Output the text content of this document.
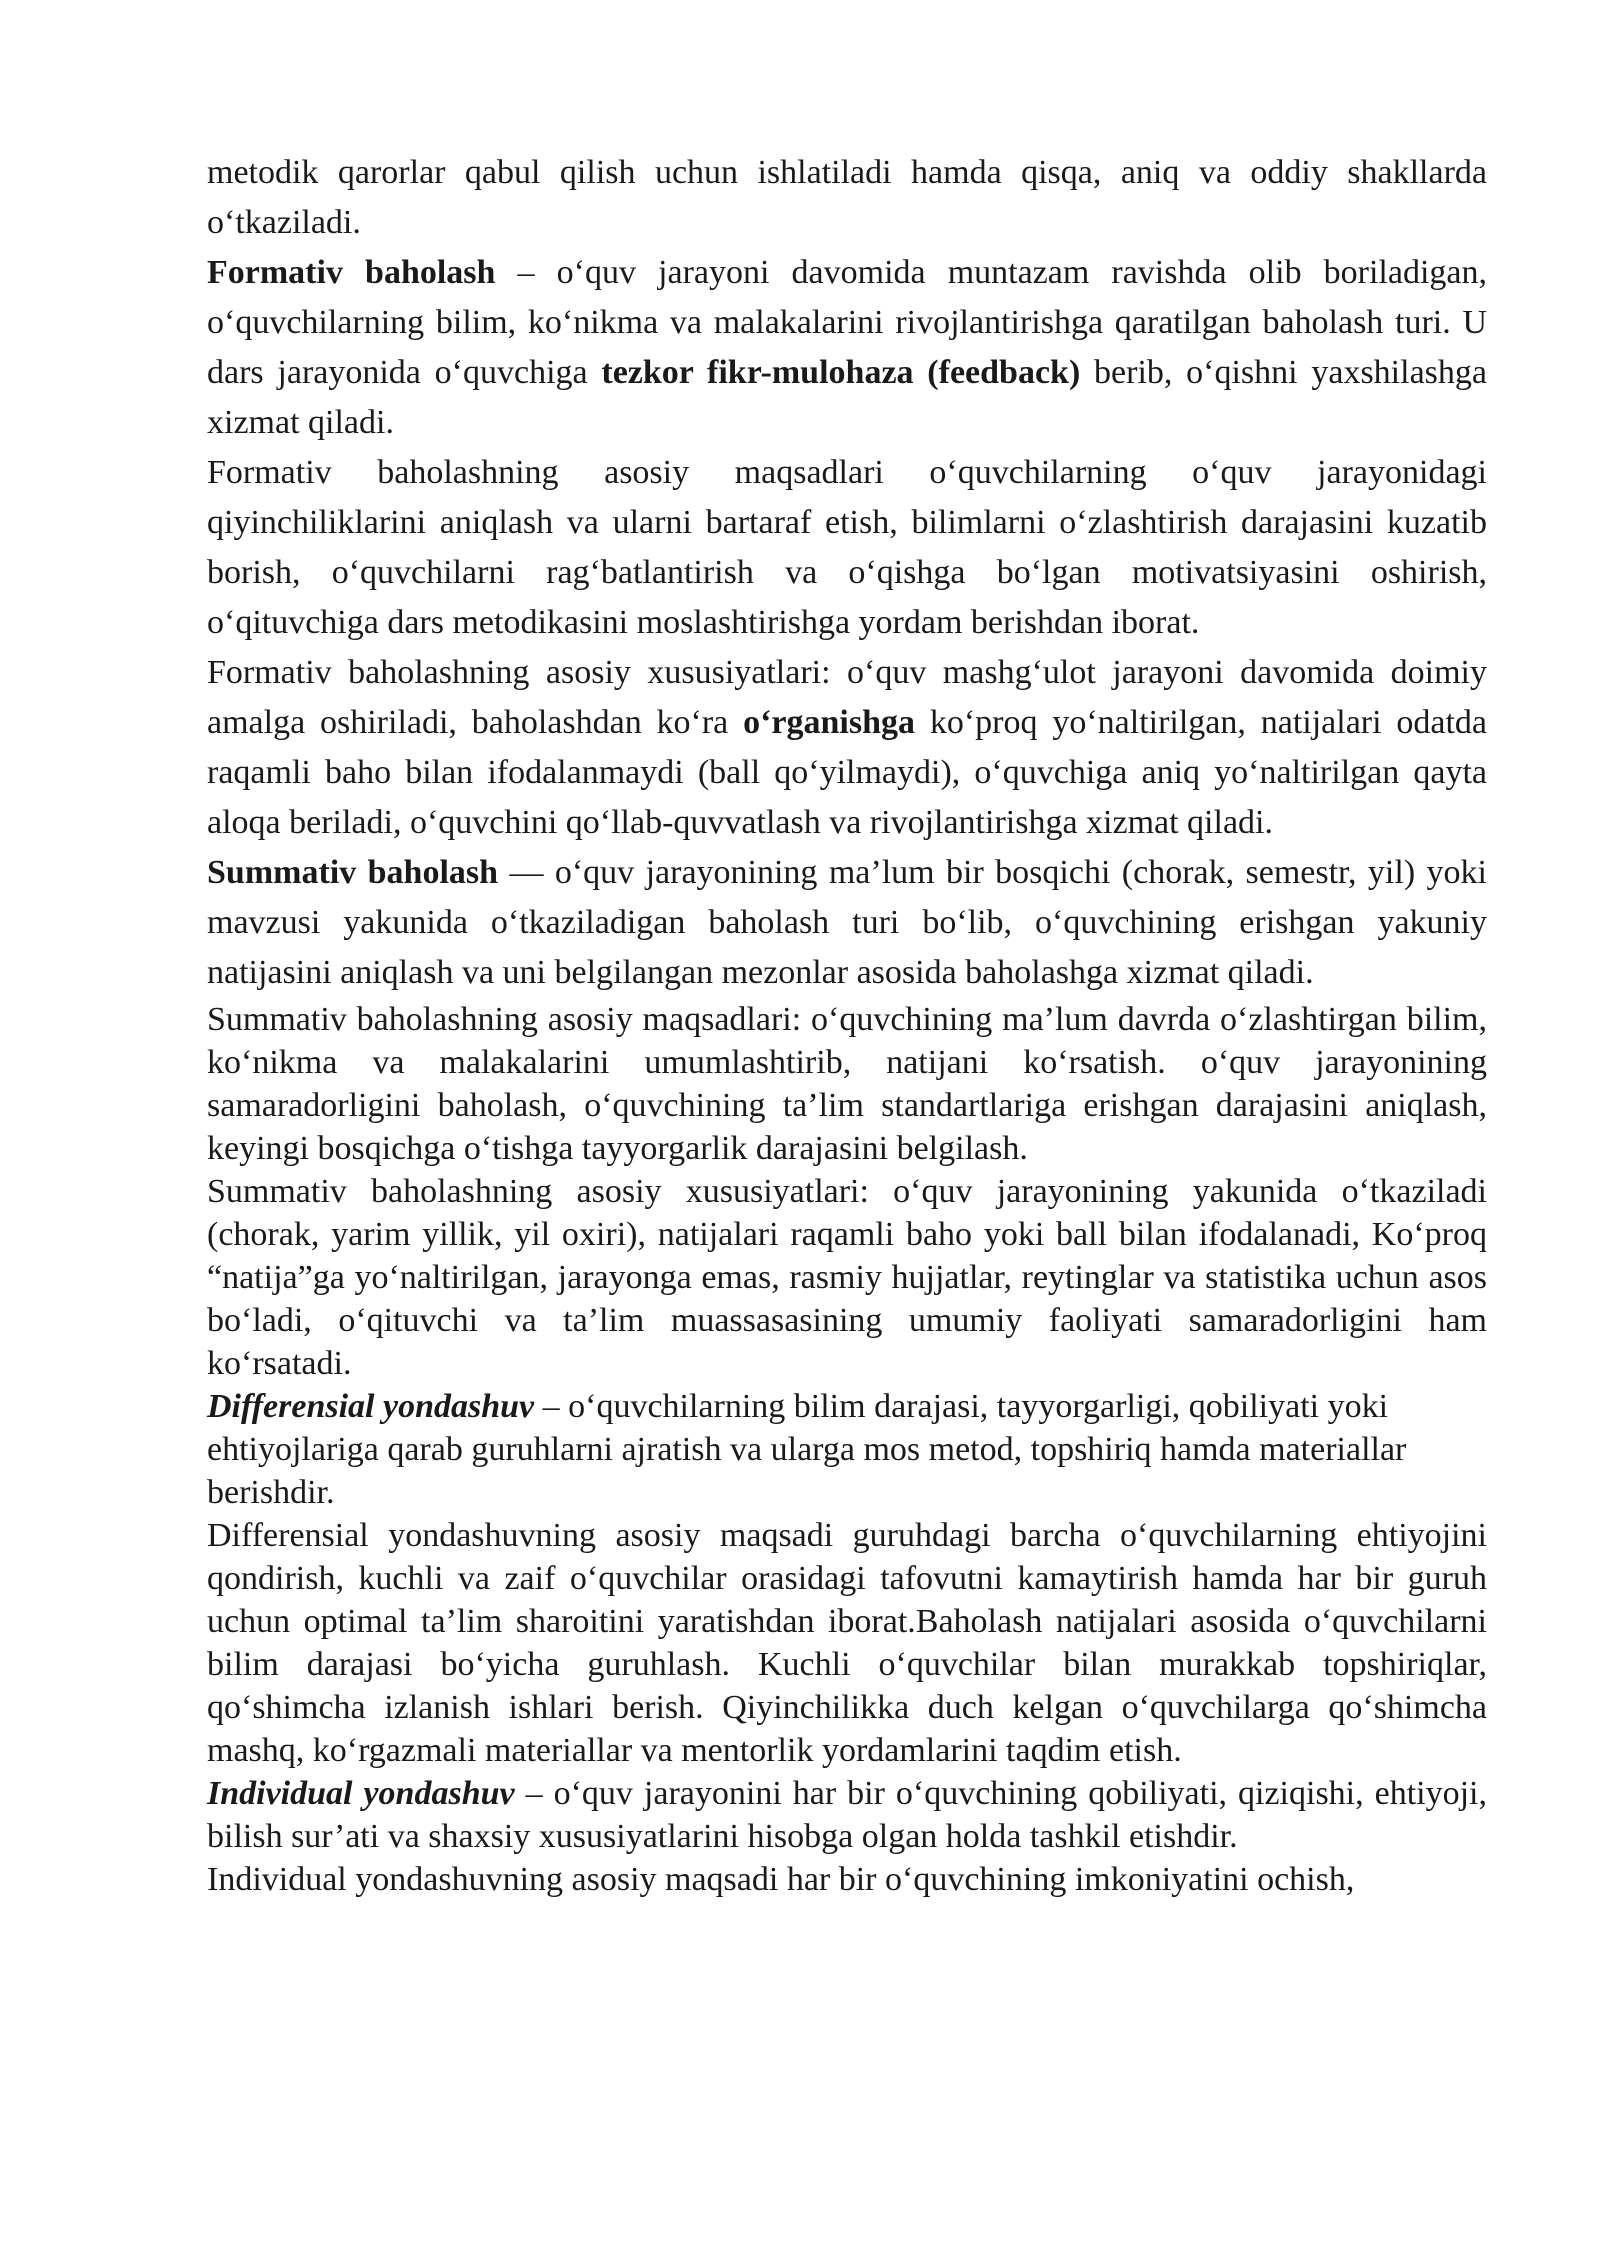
metodik qarorlar qabul qilish uchun ishlatiladi hamda qisqa, aniq va oddiy shakllarda o‘tkaziladi.

Formativ baholash – o‘quv jarayoni davomida muntazam ravishda olib boriladigan, o‘quvchilarning bilim, ko‘nikma va malakalarini rivojlantirishga qaratilgan baholash turi. U dars jarayonida o‘quvchiga tezkor fikr-mulohaza (feedback) berib, o‘qishni yaxshilashga xizmat qiladi.

Formativ baholashning asosiy maqsadlari o‘quvchilarning o‘quv jarayonidagi qiyinchiliklarini aniqlash va ularni bartaraf etish, bilimlarni o‘zlashtirish darajasini kuzatib borish, o‘quvchilarni rag‘batlantirish va o‘qishga bo‘lgan motivatsiyasini oshirish, o‘qituvchiga dars metodikasini moslashtirishga yordam berishdan iborat.

Formativ baholashning asosiy xususiyatlari: o‘quv mashg‘ulot jarayoni davomida doimiy amalga oshiriladi, baholashdan ko‘ra o‘rganishga ko‘proq yo‘naltirilgan, natijalari odatda raqamli baho bilan ifodalanmaydi (ball qo‘yilmaydi), o‘quvchiga aniq yo‘naltirilgan qayta aloqa beriladi, o‘quvchini qo‘llab-quvvatlash va rivojlantirishga xizmat qiladi.

Summativ baholash — o‘quv jarayonining ma’lum bir bosqichi (chorak, semestr, yil) yoki mavzusi yakunida o‘tkaziladigan baholash turi bo‘lib, o‘quvchining erishgan yakuniy natijasini aniqlash va uni belgilangan mezonlar asosida baholashga xizmat qiladi.

Summativ baholashning asosiy maqsadlari: o‘quvchining ma’lum davrda o‘zlashtirgan bilim, ko‘nikma va malakalarini umumlashtirib, natijani ko‘rsatish. o‘quv jarayonining samaradorligini baholash, o‘quvchining ta’lim standartlariga erishgan darajasini aniqlash, keyingi bosqichga o‘tishga tayyorgarlik darajasini belgilash.

Summativ baholashning asosiy xususiyatlari: o‘quv jarayonining yakunida o‘tkaziladi (chorak, yarim yillik, yil oxiri), natijalari raqamli baho yoki ball bilan ifodalanadi, Ko‘proq “natija”ga yo‘naltirilgan, jarayonga emas, rasmiy hujjatlar, reytinglar va statistika uchun asos bo‘ladi, o‘qituvchi va ta’lim muassasasining umumiy faoliyati samaradorligini ham ko‘rsatadi.

Differensial yondashuv – o‘quvchilarning bilim darajasi, tayyorgarligi, qobiliyati yoki ehtiyojlariga qarab guruhlarni ajratish va ularga mos metod, topshiriq hamda materiallar berishdir.

Differensial yondashuvning asosiy maqsadi guruhdagi barcha o‘quvchilarning ehtiyojini qondirish, kuchli va zaif o‘quvchilar orasidagi tafovutni kamaytirish hamda har bir guruh uchun optimal ta’lim sharoitini yaratishdan iborat.Baholash natijalari asosida o‘quvchilarni bilim darajasi bo‘yicha guruhlash. Kuchli o‘quvchilar bilan murakkab topshiriqlar, qo‘shimcha izlanish ishlari berish. Qiyinchilikka duch kelgan o‘quvchilarga qo‘shimcha mashq, ko‘rgazmali materiallar va mentorlik yordamlarini taqdim etish.

Individual yondashuv – o‘quv jarayonini har bir o‘quvchining qobiliyati, qiziqishi, ehtiyoji, bilish sur’ati va shaxsiy xususiyatlarini hisobga olgan holda tashkil etishdir.

Individual yondashuvning asosiy maqsadi har bir o‘quvchining imkoniyatini ochish,
